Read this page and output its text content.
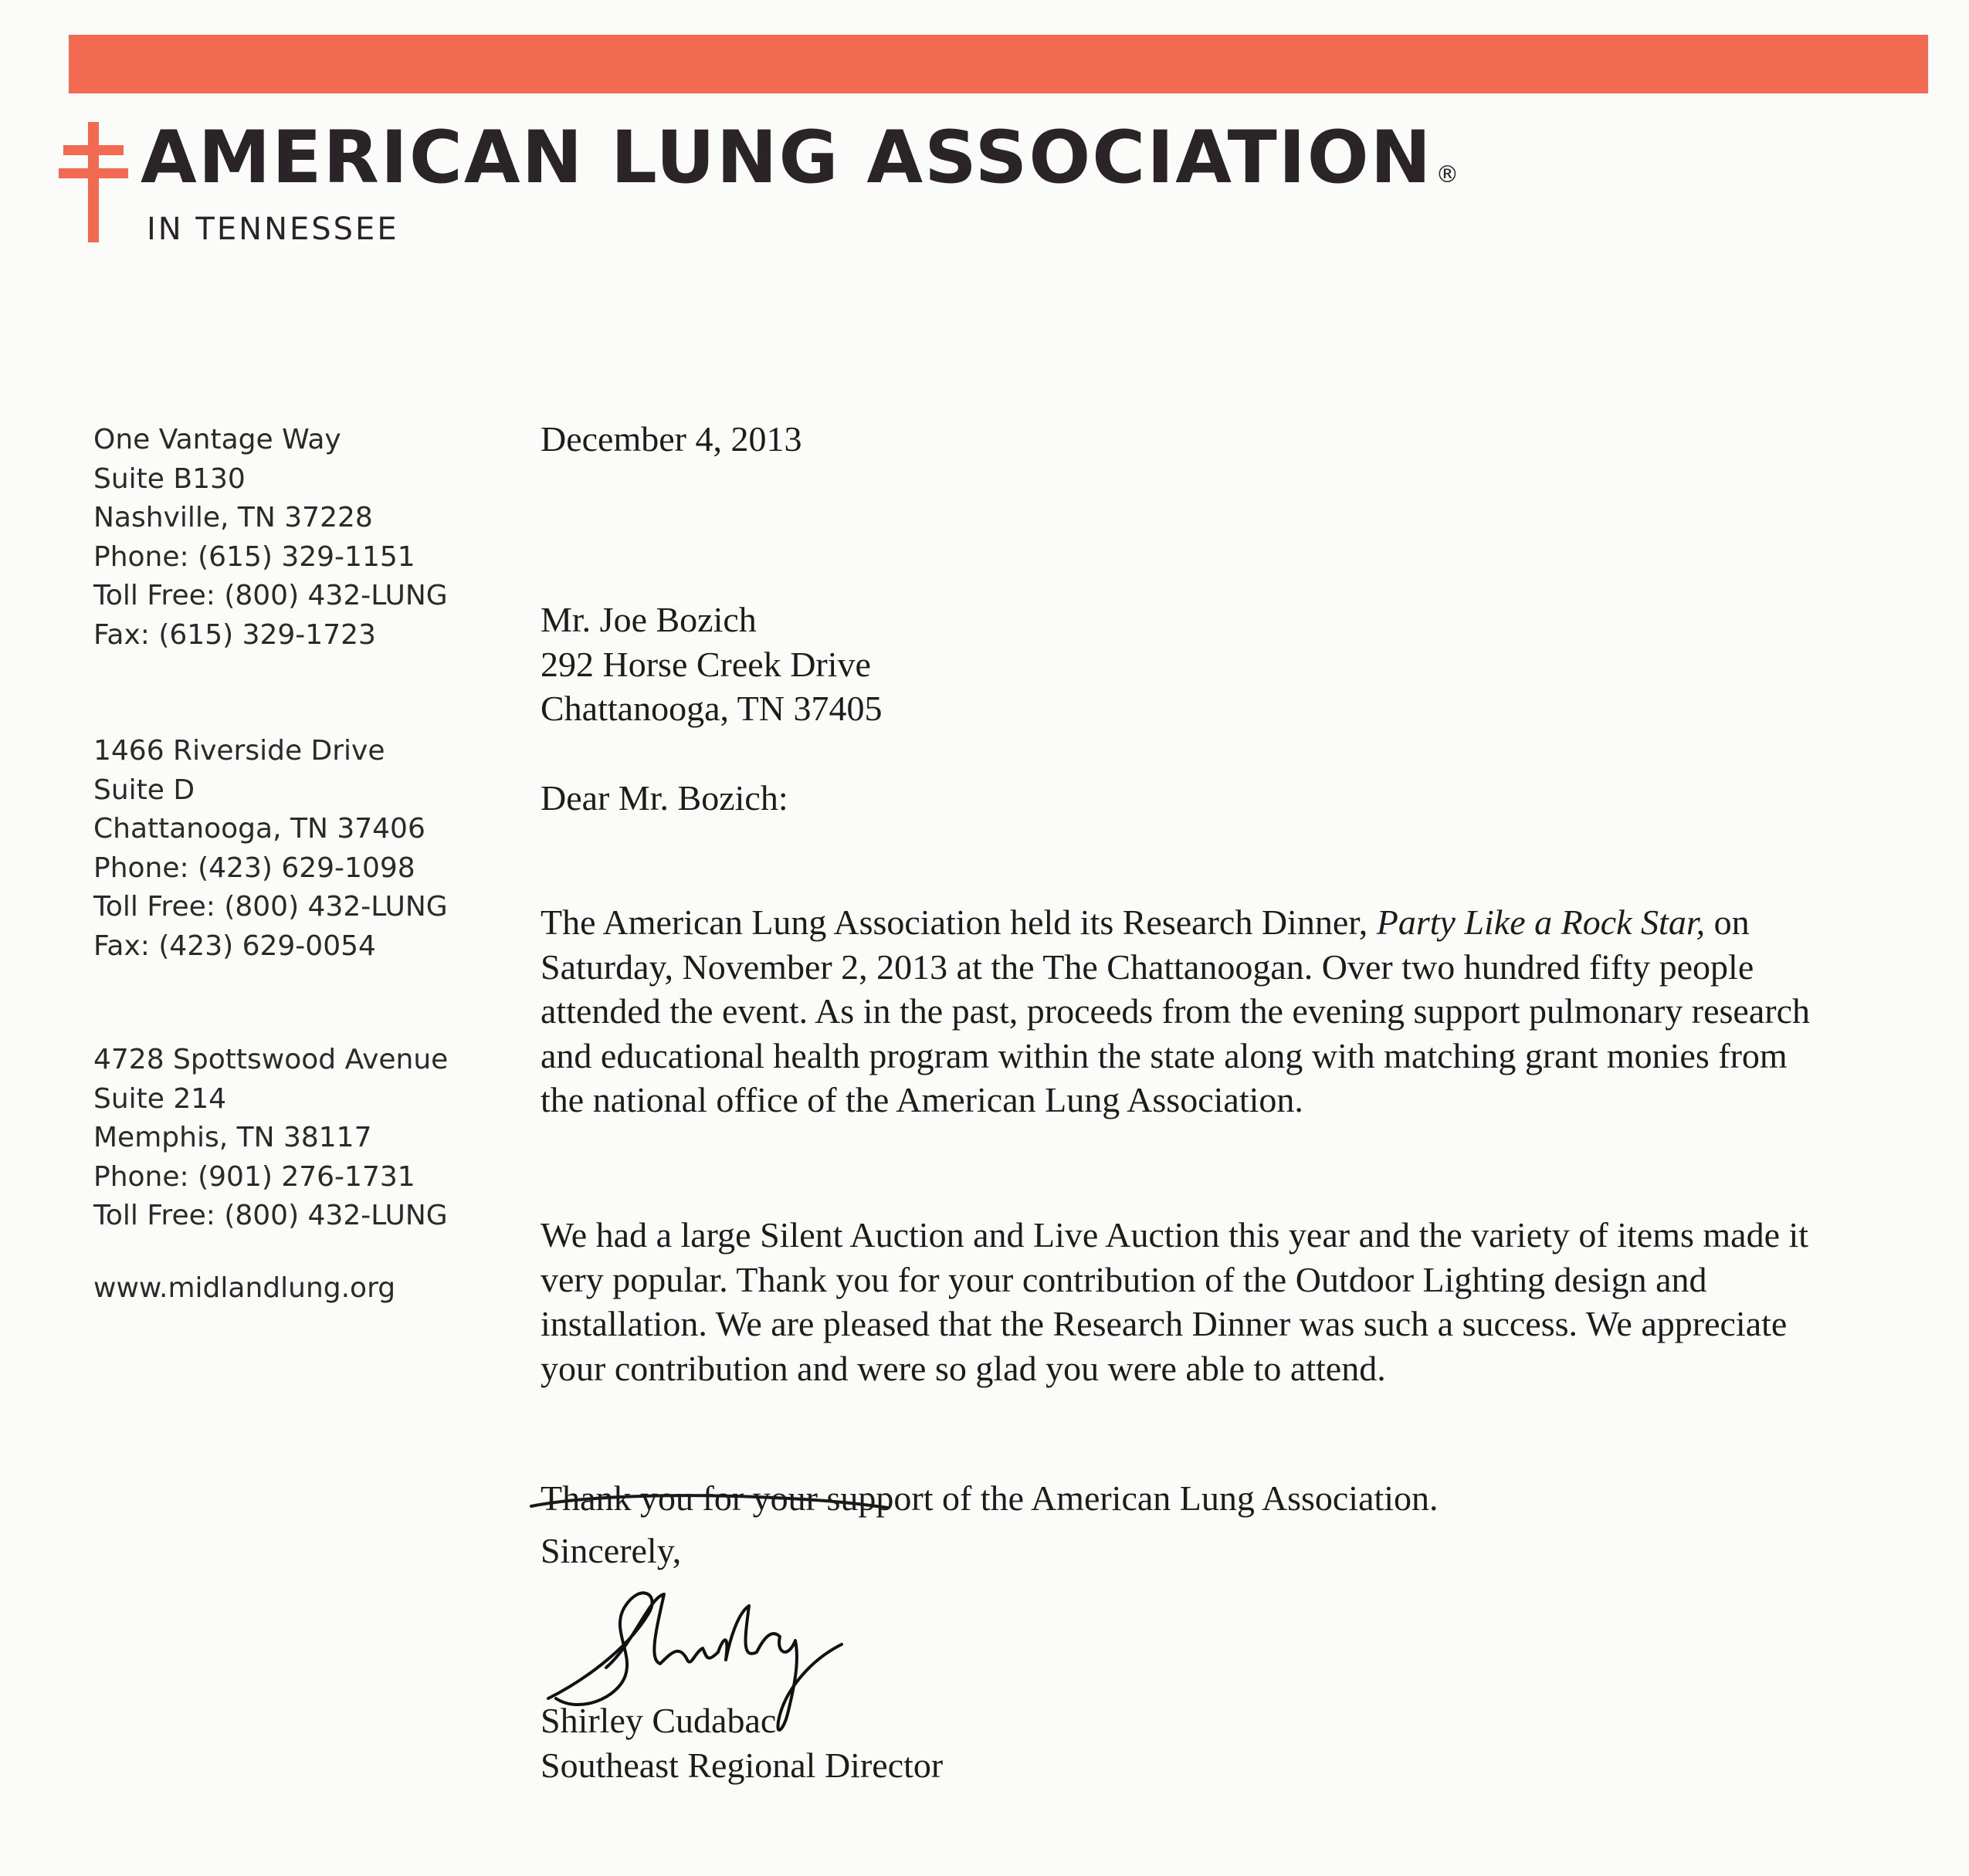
AMERICAN LUNG ASSOCIATION ®
IN TENNESSEE
One Vantage Way
Suite B130
Nashville, TN 37228
Phone: (615) 329-1151
Toll Free: (800) 432-LUNG
Fax: (615) 329-1723
1466 Riverside Drive
Suite D
Chattanooga, TN 37406
Phone: (423) 629-1098
Toll Free: (800) 432-LUNG
Fax: (423) 629-0054
4728 Spottswood Avenue
Suite 214
Memphis, TN 38117
Phone: (901) 276-1731
Toll Free: (800) 432-LUNG
www.midlandlung.org
December 4, 2013
Mr. Joe Bozich
292 Horse Creek Drive
Chattanooga, TN 37405
Dear Mr. Bozich:

The American Lung Association held its Research Dinner, Party Like a Rock Star, on Saturday, November 2, 2013 at the The Chattanoogan. Over two hundred fifty people attended the event. As in the past, proceeds from the evening support pulmonary research and educational health program within the state along with matching grant monies from the national office of the American Lung Association.

We had a large Silent Auction and Live Auction this year and the variety of items made it very popular. Thank you for your contribution of the Outdoor Lighting design and installation. We are pleased that the Research Dinner was such a success. We appreciate your contribution and were so glad you were able to attend.

Thank you for your support of the American Lung Association.

Sincerely,
Shirley Cudabac
Southeast Regional Director
